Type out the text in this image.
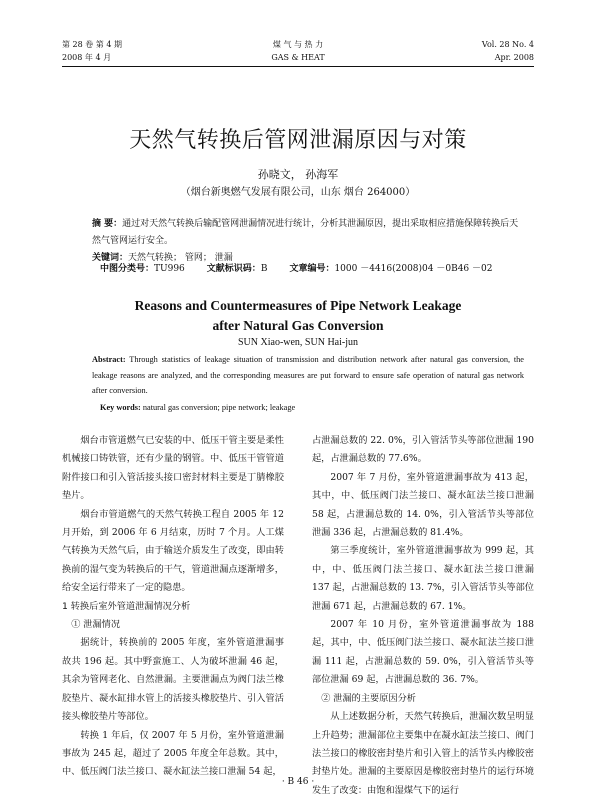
第 28 卷 第 4 期
2008 年 4 月
煤 气 与 热 力
GAS & HEAT
Vol. 28 No. 4
Apr. 2008
天然气转换后管网泄漏原因与对策
孙晓文， 孙海军
（烟台新奥燃气发展有限公司，山东 烟台 264000）
摘 要：通过对天然气转换后输配管网泄漏情况进行统计，分析其泄漏原因，提出采取相应措施保障转换后天然气管网运行安全。
关键词：天然气转换； 管网； 泄漏
中图分类号：TU996 文献标识码：B 文章编号：1000 －4416(2008)04 －0B46 －02
Reasons and Countermeasures of Pipe Network Leakage
after Natural Gas Conversion
SUN Xiao-wen, SUN Hai-jun
Abstract: Through statistics of leakage situation of transmission and distribution network after natural gas conversion, the leakage reasons are analyzed, and the corresponding measures are put forward to ensure safe operation of natural gas network after conversion.
Key words: natural gas conversion; pipe network; leakage

烟台市管道燃气已安装的中、低压干管主要是柔性机械接口铸铁管，还有少量的钢管。中、低压干管管道附件接口和引入管活接头接口密封材料主要是丁腈橡胶垫片。

烟台市管道燃气的天然气转换工程自 2005 年 12 月开始，到 2006 年 6 月结束，历时 7 个月。人工煤气转换为天然气后，由于输送介质发生了改变，即由转换前的湿气变为转换后的干气，管道泄漏点逐渐增多，给安全运行带来了一定的隐患。

1 转换后室外管道泄漏情况分析

① 泄漏情况

据统计，转换前的 2005 年度，室外管道泄漏事故共 196 起。其中野蛮施工、人为破坏泄漏 46 起，其余为管网老化、自然泄漏。主要泄漏点为阀门法兰橡胶垫片、凝水缸排水管上的活接头橡胶垫片、引入管活接头橡胶垫片等部位。

转换 1 年后，仅 2007 年 5 月份，室外管道泄漏事故为 245 起，超过了 2005 年度全年总数。其中，中、低压阀门法兰接口、凝水缸法兰接口泄漏 54 起，

占泄漏总数的 22. 0%，引入管活节头等部位泄漏 190 起，占泄漏总数的 77.6%。

2007 年 7 月份，室外管道泄漏事故为 413 起，其中，中、低压阀门法兰接口、凝水缸法兰接口泄漏 58 起，占泄漏总数的 14. 0%，引入管活节头等部位泄漏 336 起，占泄漏总数的 81.4%。

第三季度统计，室外管道泄漏事故为 999 起，其中，中、低压阀门法兰接口、凝水缸法兰接口泄漏 137 起，占泄漏总数的 13. 7%，引入管活节头等部位泄漏 671 起，占泄漏总数的 67. 1%。

2007 年 10 月份，室外管道泄漏事故为 188 起，其中，中、低压阀门法兰接口、凝水缸法兰接口泄漏 111 起，占泄漏总数的 59. 0%，引入管活节头等部位泄漏 69 起，占泄漏总数的 36. 7%。

② 泄漏的主要原因分析

从上述数据分析，天然气转换后，泄漏次数呈明显上升趋势；泄漏部位主要集中在凝水缸法兰接口、阀门法兰接口的橡胶密封垫片和引入管上的活节头内橡胶密封垫片处。泄漏的主要原因是橡胶密封垫片的运行环境发生了改变：由饱和湿煤气下的运行

· B 46 ·
